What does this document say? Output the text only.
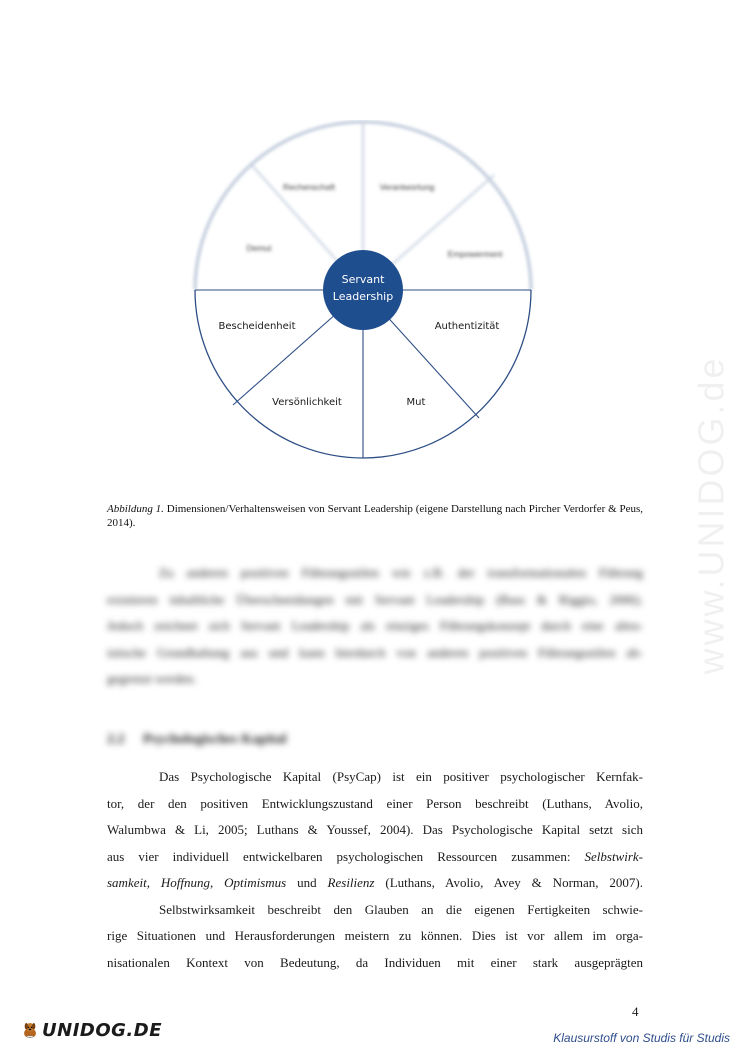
Verantwortung
Empowerment
Demut
Rechenschaft
Servant
Leadership
Authentizität
Mut
Versönlichkeit
Bescheidenheit
Abbildung 1. Dimensionen/Verhaltensweisen von Servant Leadership (eigene Darstellung nach Pircher Verdorfer & Peus, 2014).
Zu anderen positiven Führungsstilen wie z.B. der transformationalen Führung
existieren inhaltliche Überschneidungen mit Servant Leadership (Bass & Riggio, 2006).
Jedoch zeichnet sich Servant Leadership als einziges Führungskonzept durch eine altru-
istische Grundhaltung aus und kann hierdurch von anderen positiven Führungsstilen ab-
gegrenzt werden.
2.2 Psychologisches Kapital
Das Psychologische Kapital (PsyCap) ist ein positiver psychologischer Kernfak-
tor, der den positiven Entwicklungszustand einer Person beschreibt (Luthans, Avolio,
Walumbwa & Li, 2005; Luthans & Youssef, 2004). Das Psychologische Kapital setzt sich
aus vier individuell entwickelbaren psychologischen Ressourcen zusammen: Selbstwirk-
samkeit, Hoffnung, Optimismus und Resilienz (Luthans, Avolio, Avey & Norman, 2007).
Selbstwirksamkeit beschreibt den Glauben an die eigenen Fertigkeiten schwie-
rige Situationen und Herausforderungen meistern zu können. Dies ist vor allem im orga-
nisationalen Kontext von Bedeutung, da Individuen mit einer stark ausgeprägten
4
www.UNIDOG.de
UNIDOG.DE	Klausurstoff von Studis für Studis
